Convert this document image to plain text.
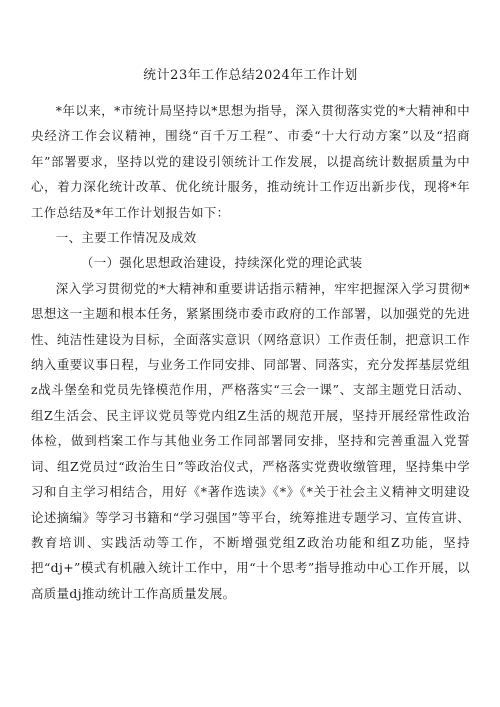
统计23年工作总结2024年工作计划

*年以来，*市统计局坚持以*思想为指导，深入贯彻落实党的*大精神和中央经济工作会议精神，围绕“百千万工程”、市委“十大行动方案”以及“招商年”部署要求，坚持以党的建设引领统计工作发展，以提高统计数据质量为中心，着力深化统计改革、优化统计服务，推动统计工作迈出新步伐，现将*年工作总结及*年工作计划报告如下：

一、主要工作情况及成效

（一）强化思想政治建设，持续深化党的理论武装

深入学习贯彻党的*大精神和重要讲话指示精神，牢牢把握深入学习贯彻*思想这一主题和根本任务，紧紧围绕市委市政府的工作部署，以加强党的先进性、纯洁性建设为目标，全面落实意识（网络意识）工作责任制，把意识工作纳入重要议事日程，与业务工作同安排、同部署、同落实，充分发挥基层党组z战斗堡垒和党员先锋模范作用，严格落实“三会一课”、支部主题党日活动、组Z生活会、民主评议党员等党内组Z生活的规范开展，坚持开展经常性政治体检，做到档案工作与其他业务工作同部署同安排，坚持和完善重温入党誓词、组Z党员过“政治生日”等政治仪式，严格落实党费收缴管理，坚持集中学习和自主学习相结合，用好《*著作选读》《*》《*关于社会主义精神文明建设论述摘编》等学习书籍和“学习强国”等平台，统筹推进专题学习、宣传宣讲、教育培训、实践活动等工作，不断增强党组Z政治功能和组Z功能，坚持把“dj+”模式有机融入统计工作中，用“十个思考”指导推动中心工作开展，以高质量dj推动统计工作高质量发展。
